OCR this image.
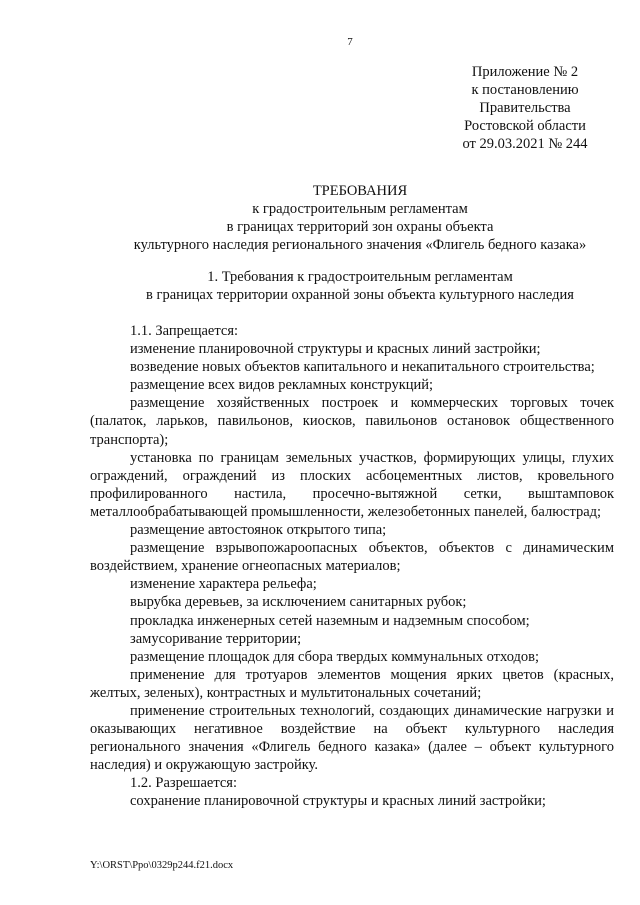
7
Приложение № 2
к постановлению
Правительства
Ростовской области
от 29.03.2021 № 244
ТРЕБОВАНИЯ
к градостроительным регламентам
в границах территорий зон охраны объекта
культурного наследия регионального значения «Флигель бедного казака»
1. Требования к градостроительным регламентам
в границах территории охранной зоны объекта культурного наследия

1.1. Запрещается:

изменение планировочной структуры и красных линий застройки;

возведение новых объектов капитального и некапитального строительства;

размещение всех видов рекламных конструкций;

размещение хозяйственных построек и коммерческих торговых точек (палаток, ларьков, павильонов, киосков, павильонов остановок общественного транспорта);

установка по границам земельных участков, формирующих улицы, глухих ограждений, ограждений из плоских асбоцементных листов, кровельного профилированного настила, просечно-вытяжной сетки, выштамповок металлообрабатывающей промышленности, железобетонных панелей, балюстрад;

размещение автостоянок открытого типа;

размещение взрывопожароопасных объектов, объектов с динамическим воздействием, хранение огнеопасных материалов;

изменение характера рельефа;

вырубка деревьев, за исключением санитарных рубок;

прокладка инженерных сетей наземным и надземным способом;

замусоривание территории;

размещение площадок для сбора твердых коммунальных отходов;

применение для тротуаров элементов мощения ярких цветов (красных, желтых, зеленых), контрастных и мультитональных сочетаний;

применение строительных технологий, создающих динамические нагрузки и оказывающих негативное воздействие на объект культурного наследия регионального значения «Флигель бедного казака» (далее – объект культурного наследия) и окружающую застройку.

1.2. Разрешается:

сохранение планировочной структуры и красных линий застройки;

Y:\ORST\Ppo\0329p244.f21.docx
